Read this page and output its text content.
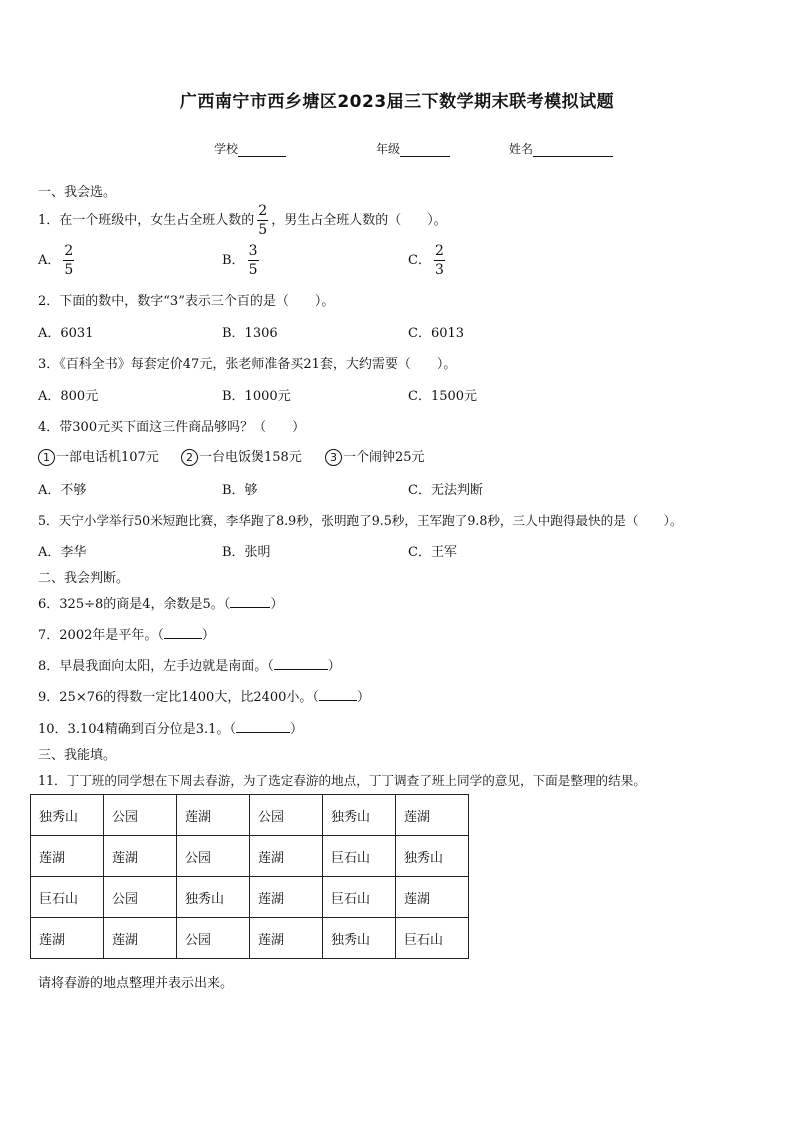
广西南宁市西乡塘区2023届三下数学期末联考模拟试题
学校	年级	姓名
一、我会选。
1．在一个班级中，女生占全班人数的 $\frac{2}{5}$ ，男生占全班人数的（　　）。
A． $\frac{2}{5}$	B． $\frac{3}{5}$	C． $\frac{2}{3}$
2．下面的数中，数字“3”表示三个百的是（　　）。
A．6031	B．1306	C．6013
3．《百科全书》每套定价47元，张老师准备买21套，大约需要（　　）。
A．800元	B．1000元	C．1500元
4．带300元买下面这三件商品够吗？（　　）
1 一部电话机107元	2 一台电饭煲158元	3 一个闹钟25元
A．不够	B．够	C．无法判断
5．天宁小学举行50米短跑比赛，李华跑了8.9秒，张明跑了9.5秒，王军跑了9.8秒，三人中跑得最快的是（　　）。
A．李华	B．张明	C．王军
二、我会判断。
6．325÷8的商是4，余数是5。（	）
7．2002年是平年。（	）
8．早晨我面向太阳，左手边就是南面。（	）
9．25×76的得数一定比1400大，比2400小。（	）
10．3.104精确到百分位是3.1。（	）
三、我能填。
11．丁丁班的同学想在下周去春游，为了选定春游的地点，丁丁调查了班上同学的意见，下面是整理的结果。
独秀山	公园	莲湖	公园	独秀山	莲湖
莲湖	莲湖	公园	莲湖	巨石山	独秀山
巨石山	公园	独秀山	莲湖	巨石山	莲湖
莲湖	莲湖	公园	莲湖	独秀山	巨石山
请将春游的地点整理并表示出来。
